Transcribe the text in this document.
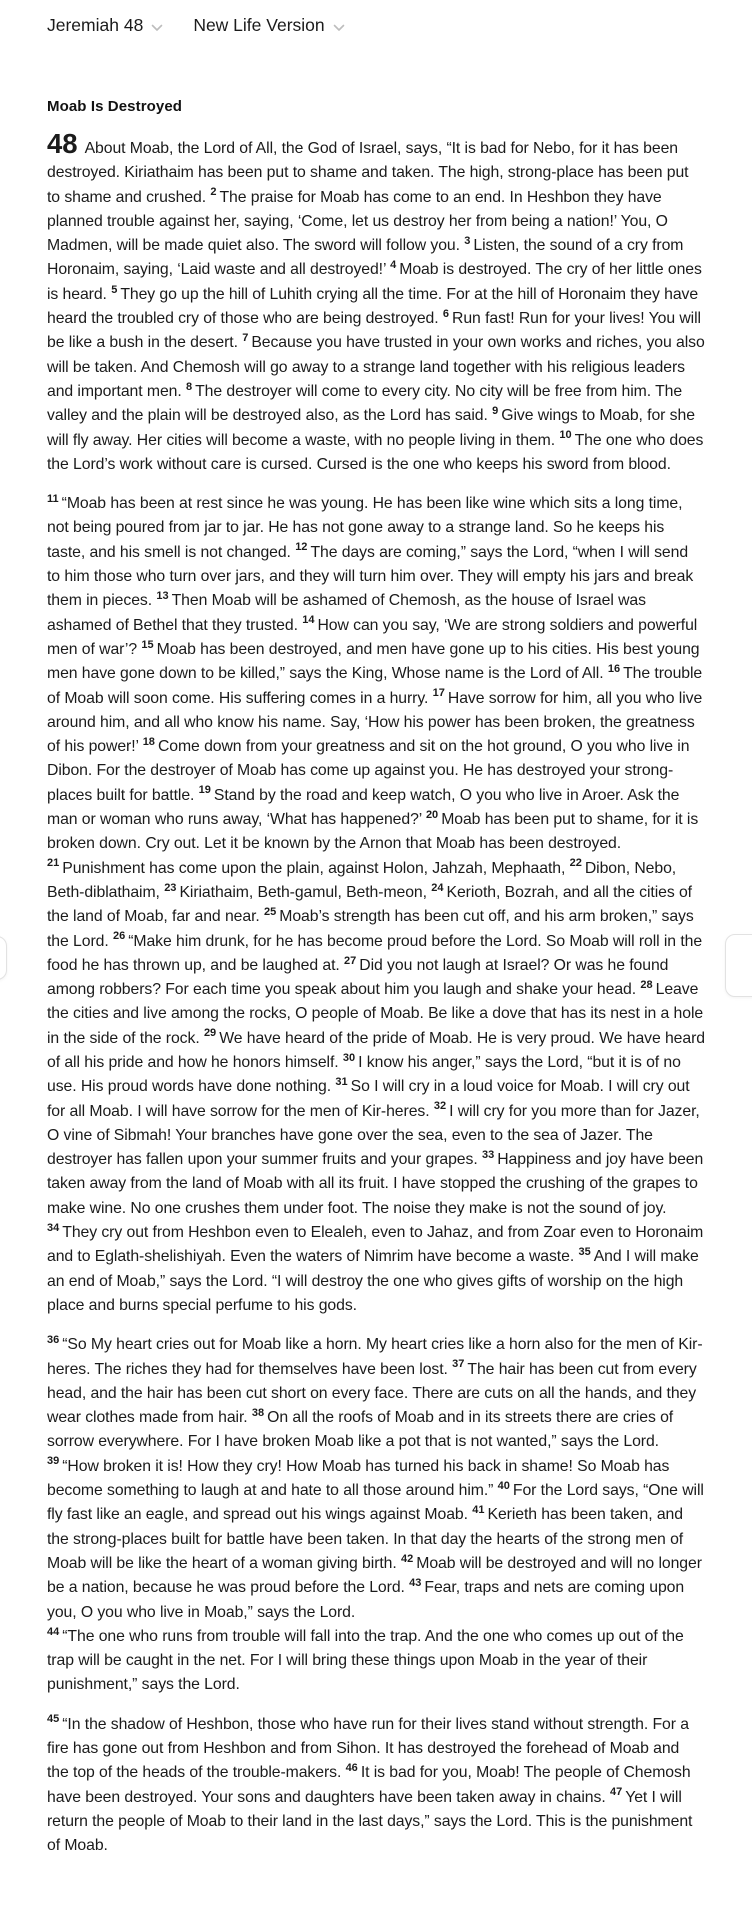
Jeremiah 48	New Life Version
Moab Is Destroyed

48 About Moab, the Lord of All, the God of Israel, says, “It is bad for Nebo, for it has been destroyed. Kiriathaim has been put to shame and taken. The high, strong-place has been put to shame and crushed. $^2$ The praise for Moab has come to an end. In Heshbon they have planned trouble against her, saying, ‘Come, let us destroy her from being a nation!’ You, O Madmen, will be made quiet also. The sword will follow you. $^3$ Listen, the sound of a cry from Horonaim, saying, ‘Laid waste and all destroyed!’ $^4$ Moab is destroyed. The cry of her little ones is heard. $^5$ They go up the hill of Luhith crying all the time. For at the hill of Horonaim they have heard the troubled cry of those who are being destroyed. $^6$ Run fast! Run for your lives! You will be like a bush in the desert. $^7$ Because you have trusted in your own works and riches, you also will be taken. And Chemosh will go away to a strange land together with his religious leaders and important men. $^8$ The destroyer will come to every city. No city will be free from him. The valley and the plain will be destroyed also, as the Lord has said. $^9$ Give wings to Moab, for she will fly away. Her cities will become a waste, with no people living in them. $^{10}$ The one who does the Lord’s work without care is cursed. Cursed is the one who keeps his sword from blood.

$^{11}$ “Moab has been at rest since he was young. He has been like wine which sits a long time, not being poured from jar to jar. He has not gone away to a strange land. So he keeps his taste, and his smell is not changed. $^{12}$ The days are coming,” says the Lord, “when I will send to him those who turn over jars, and they will turn him over. They will empty his jars and break them in pieces. $^{13}$ Then Moab will be ashamed of Chemosh, as the house of Israel was ashamed of Bethel that they trusted. $^{14}$ How can you say, ‘We are strong soldiers and powerful men of war’? $^{15}$ Moab has been destroyed, and men have gone up to his cities. His best young men have gone down to be killed,” says the King, Whose name is the Lord of All. $^{16}$ The trouble of Moab will soon come. His suffering comes in a hurry. $^{17}$ Have sorrow for him, all you who live around him, and all who know his name. Say, ‘How his power has been broken, the greatness of his power!’ $^{18}$ Come down from your greatness and sit on the hot ground, O you who live in Dibon. For the destroyer of Moab has come up against you. He has destroyed your strong-places built for battle. $^{19}$ Stand by the road and keep watch, O you who live in Aroer. Ask the man or woman who runs away, ‘What has happened?’ $^{20}$ Moab has been put to shame, for it is broken down. Cry out. Let it be known by the Arnon that Moab has been destroyed. $^{21}$ Punishment has come upon the plain, against Holon, Jahzah, Mephaath, $^{22}$ Dibon, Nebo, Beth-diblathaim, $^{23}$ Kiriathaim, Beth-gamul, Beth-meon, $^{24}$ Kerioth, Bozrah, and all the cities of the land of Moab, far and near. $^{25}$ Moab’s strength has been cut off, and his arm broken,” says the Lord. $^{26}$ “Make him drunk, for he has become proud before the Lord. So Moab will roll in the food he has thrown up, and be laughed at. $^{27}$ Did you not laugh at Israel? Or was he found among robbers? For each time you speak about him you laugh and shake your head. $^{28}$ Leave the cities and live among the rocks, O people of Moab. Be like a dove that has its nest in a hole in the side of the rock. $^{29}$ We have heard of the pride of Moab. He is very proud. We have heard of all his pride and how he honors himself. $^{30}$ I know his anger,” says the Lord, “but it is of no use. His proud words have done nothing. $^{31}$ So I will cry in a loud voice for Moab. I will cry out for all Moab. I will have sorrow for the men of Kir-heres. $^{32}$ I will cry for you more than for Jazer, O vine of Sibmah! Your branches have gone over the sea, even to the sea of Jazer. The destroyer has fallen upon your summer fruits and your grapes. $^{33}$ Happiness and joy have been taken away from the land of Moab with all its fruit. I have stopped the crushing of the grapes to make wine. No one crushes them under foot. The noise they make is not the sound of joy. $^{34}$ They cry out from Heshbon even to Elealeh, even to Jahaz, and from Zoar even to Horonaim and to Eglath-shelishiyah. Even the waters of Nimrim have become a waste. $^{35}$ And I will make an end of Moab,” says the Lord. “I will destroy the one who gives gifts of worship on the high place and burns special perfume to his gods.

$^{36}$ “So My heart cries out for Moab like a horn. My heart cries like a horn also for the men of Kir-heres. The riches they had for themselves have been lost. $^{37}$ The hair has been cut from every head, and the hair has been cut short on every face. There are cuts on all the hands, and they wear clothes made from hair. $^{38}$ On all the roofs of Moab and in its streets there are cries of sorrow everywhere. For I have broken Moab like a pot that is not wanted,” says the Lord. $^{39}$ “How broken it is! How they cry! How Moab has turned his back in shame! So Moab has become something to laugh at and hate to all those around him.” $^{40}$ For the Lord says, “One will fly fast like an eagle, and spread out his wings against Moab. $^{41}$ Kerieth has been taken, and the strong-places built for battle have been taken. In that day the hearts of the strong men of Moab will be like the heart of a woman giving birth. $^{42}$ Moab will be destroyed and will no longer be a nation, because he was proud before the Lord. $^{43}$ Fear, traps and nets are coming upon you, O you who live in Moab,” says the Lord.

$^{44}$ “The one who runs from trouble will fall into the trap. And the one who comes up out of the trap will be caught in the net. For I will bring these things upon Moab in the year of their punishment,” says the Lord.

$^{45}$ “In the shadow of Heshbon, those who have run for their lives stand without strength. For a fire has gone out from Heshbon and from Sihon. It has destroyed the forehead of Moab and the top of the heads of the trouble-makers. $^{46}$ It is bad for you, Moab! The people of Chemosh have been destroyed. Your sons and daughters have been taken away in chains. $^{47}$ Yet I will return the people of Moab to their land in the last days,” says the Lord. This is the punishment of Moab.
